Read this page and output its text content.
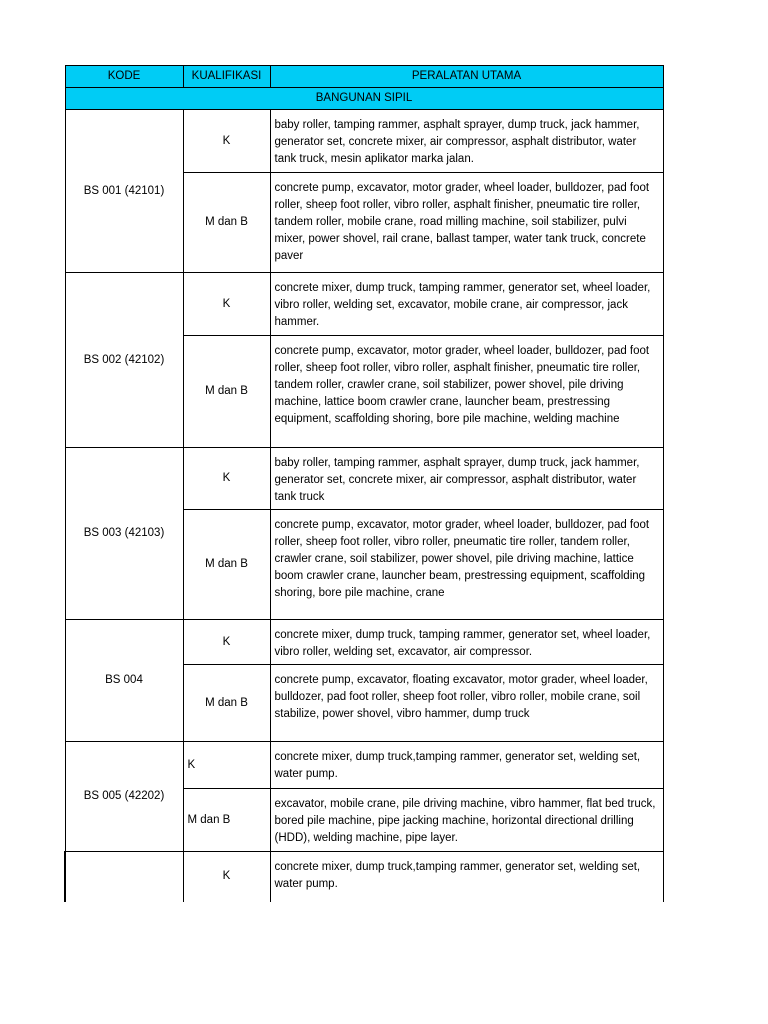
KODE	KUALIFIKASI	PERALATAN UTAMA
BANGUNAN SIPIL		
BS 001 (42101)	K	baby roller, tamping rammer, asphalt sprayer, dump truck, jack hammer, generator set, concrete mixer, air compressor, asphalt distributor, water tank truck, mesin aplikator marka jalan.
	M dan B	concrete pump, excavator, motor grader, wheel loader, bulldozer, pad foot roller, sheep foot roller, vibro roller, asphalt finisher, pneumatic tire roller, tandem roller, mobile crane, road milling machine, soil stabilizer, pulvi mixer, power shovel, rail crane, ballast tamper, water tank truck, concrete paver
BS 002 (42102)	K	concrete mixer, dump truck, tamping rammer, generator set, wheel loader, vibro roller, welding set, excavator, mobile crane, air compressor, jack hammer.
	M dan B	concrete pump, excavator, motor grader, wheel loader, bulldozer, pad foot roller, sheep foot roller, vibro roller, asphalt finisher, pneumatic tire roller, tandem roller, crawler crane, soil stabilizer, power shovel, pile driving machine, lattice boom crawler crane, launcher beam, prestressing equipment, scaffolding shoring, bore pile machine, welding machine
BS 003 (42103)	K	baby roller, tamping rammer, asphalt sprayer, dump truck, jack hammer, generator set, concrete mixer, air compressor, asphalt distributor, water tank truck
	M dan B	concrete pump, excavator, motor grader, wheel loader, bulldozer, pad foot roller, sheep foot roller, vibro roller, pneumatic tire roller, tandem roller, crawler crane, soil stabilizer, power shovel, pile driving machine, lattice boom crawler crane, launcher beam, prestressing equipment, scaffolding shoring, bore pile machine, crane
BS 004	K	concrete mixer, dump truck, tamping rammer, generator set, wheel loader, vibro roller, welding set, excavator, air compressor.
	M dan B	concrete pump, excavator, floating excavator, motor grader, wheel loader, bulldozer, pad foot roller, sheep foot roller, vibro roller, mobile crane, soil stabilize, power shovel, vibro hammer, dump truck
BS 005 (42202)	K	concrete mixer, dump truck,tamping rammer, generator set, welding set, water pump.
	M dan B	excavator, mobile crane, pile driving machine, vibro hammer, flat bed truck, bored pile machine, pipe jacking machine, horizontal directional drilling (HDD), welding machine, pipe layer.
	K	concrete mixer, dump truck,tamping rammer, generator set, welding set, water pump.
